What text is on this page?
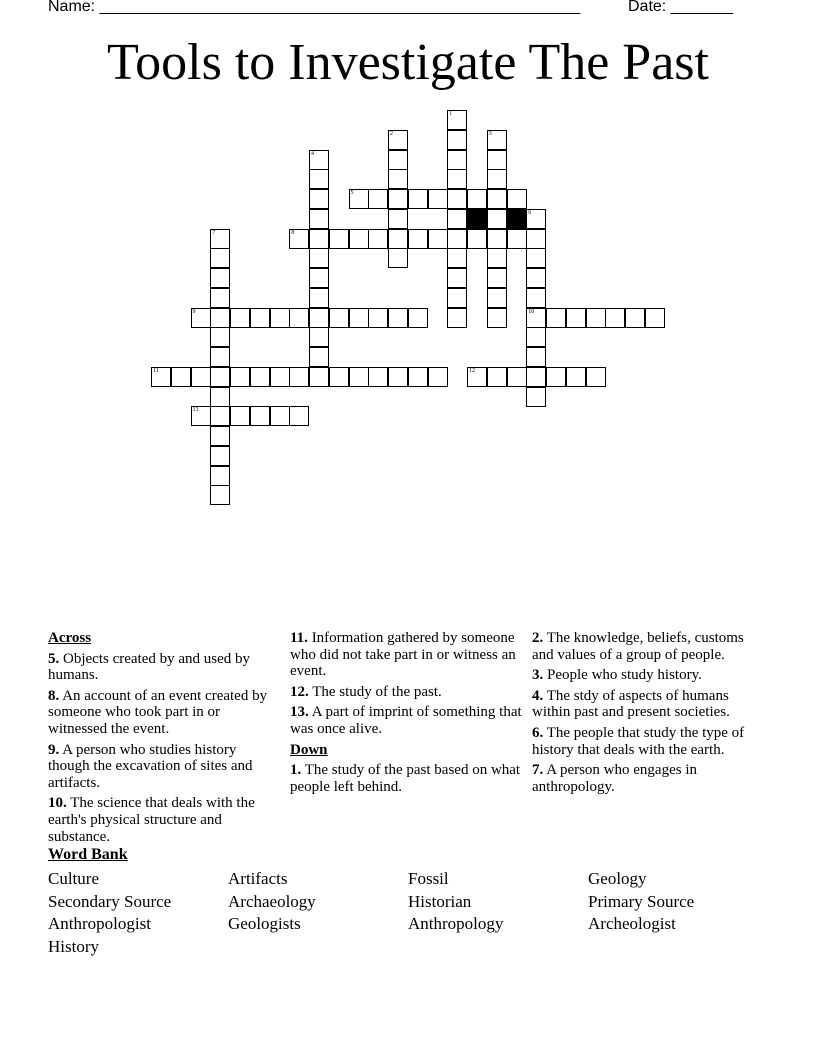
Name: ______________________________________________________	Date: _______
Tools to Investigate The Past
1
2	3
4
5
6
10
7	8
9
11	12
13
Across
5. Objects created by and used by humans.
8. An account of an event created by someone who took part in or witnessed the event.
9. A person who studies history though the excavation of sites and artifacts.
10. The science that deals with the earth's physical structure and substance.
11. Information gathered by someone who did not take part in or witness an event.
12. The study of the past.
13. A part of imprint of something that was once alive.
Down
1. The study of the past based on what people left behind.
2. The knowledge, beliefs, customs and values of a group of people.
3. People who study history.
4. The stdy of aspects of humans within past and present societies.
6. The people that study the type of history that deals with the earth.
7. A person who engages in anthropology.
Word Bank
Culture	Artifacts	Fossil	Geology
Secondary Source	Archaeology	Historian	Primary Source
Anthropologist	Geologists	Anthropology	Archeologist
History
